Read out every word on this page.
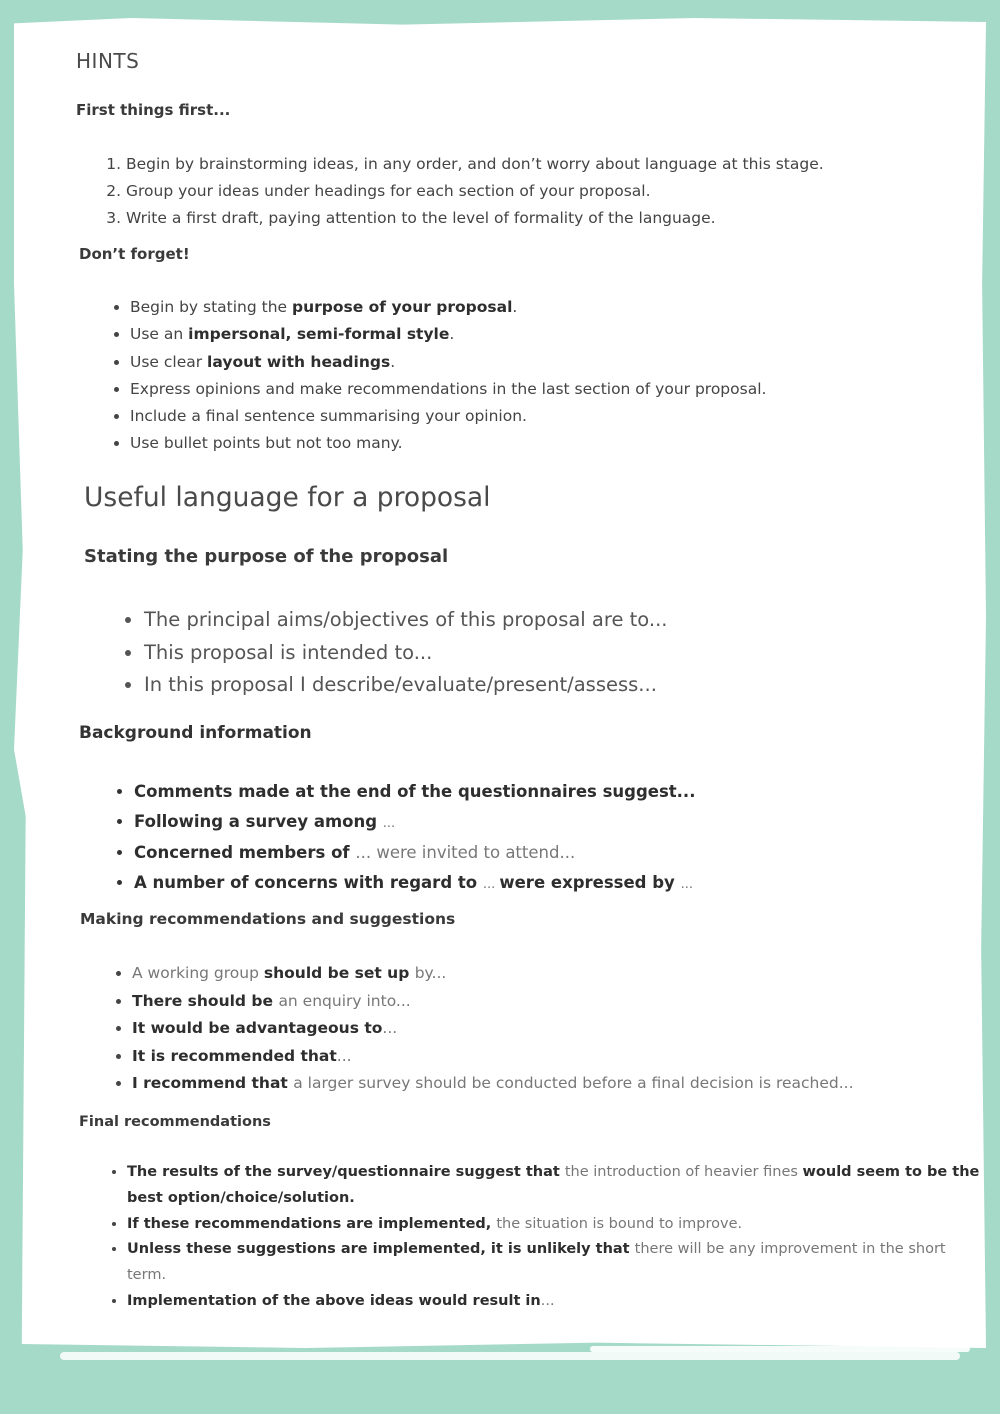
HINTS
First things first...
1. Begin by brainstorming ideas, in any order, and don’t worry about language at this stage.
2. Group your ideas under headings for each section of your proposal.
3. Write a first draft, paying attention to the level of formality of the language.
Don’t forget!
• Begin by stating the purpose of your proposal.
• Use an impersonal, semi-formal style.
• Use clear layout with headings.
• Express opinions and make recommendations in the last section of your proposal.
• Include a final sentence summarising your opinion.
• Use bullet points but not too many.
Useful language for a proposal
Stating the purpose of the proposal
• The principal aims/objectives of this proposal are to...
• This proposal is intended to...
• In this proposal I describe/evaluate/present/assess...
Background information
• Comments made at the end of the questionnaires suggest...
• Following a survey among ...
• Concerned members of ... were invited to attend...
• A number of concerns with regard to ... were expressed by ...
Making recommendations and suggestions
• A working group should be set up by...
• There should be an enquiry into...
• It would be advantageous to...
• It is recommended that...
• I recommend that a larger survey should be conducted before a final decision is reached...
Final recommendations
• The results of the survey/questionnaire suggest that the introduction of heavier fines would seem to be the best option/choice/solution.
• If these recommendations are implemented, the situation is bound to improve.
• Unless these suggestions are implemented, it is unlikely that there will be any improvement in the short term.
• Implementation of the above ideas would result in...
